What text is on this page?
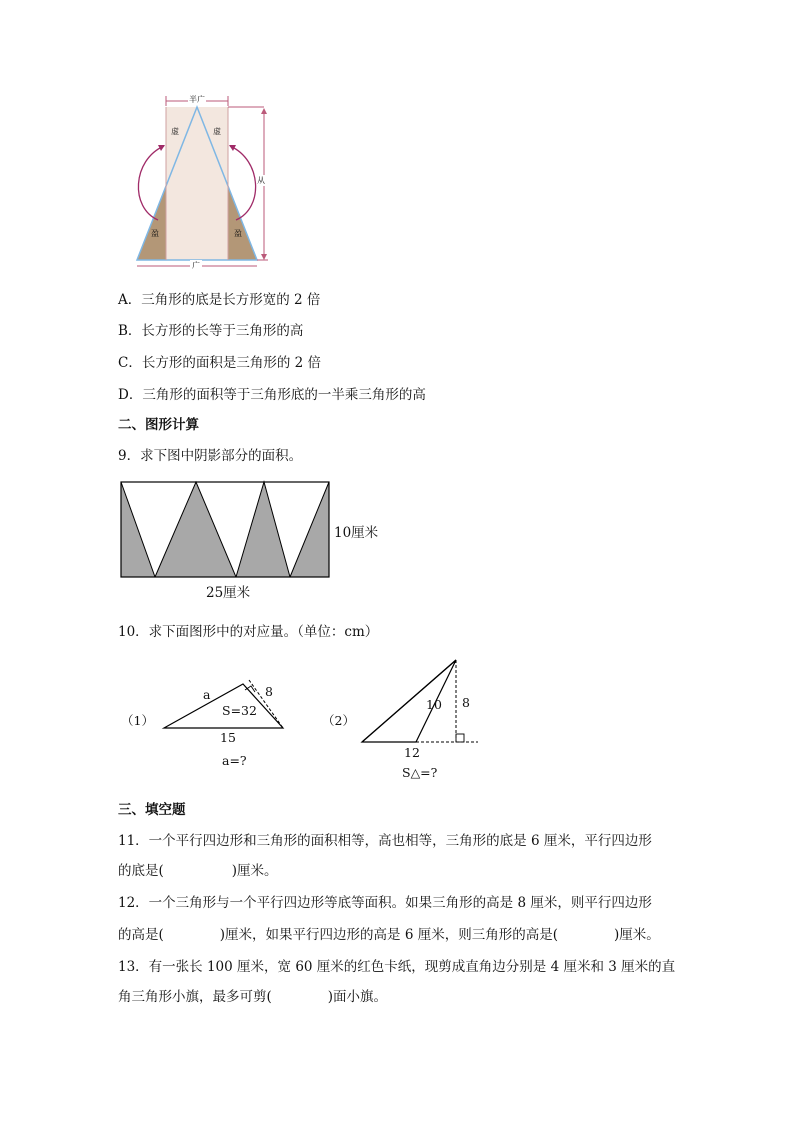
半广
虚	虚
从
盈	盈
广
A．三角形的底是长方形宽的 2 倍
B．长方形的长等于三角形的高
C．长方形的面积是三角形的 2 倍
D．三角形的面积等于三角形底的一半乘三角形的高
二、图形计算
9．求下图中阴影部分的面积。
10厘米
25厘米
10．求下面图形中的对应量。（单位：cm）
（1）
a	8
S=32
15
a=?
（2）
10 8
12
S△=?
三、填空题
11．一个平行四边形和三角形的面积相等，高也相等，三角形的底是 6 厘米，平行四边形
的底是(	)厘米。
12．一个三角形与一个平行四边形等底等面积。如果三角形的高是 8 厘米，则平行四边形
的高是(	)厘米，如果平行四边形的高是 6 厘米，则三角形的高是(	)厘米。
13．有一张长 100 厘米，宽 60 厘米的红色卡纸，现剪成直角边分别是 4 厘米和 3 厘米的直
角三角形小旗，最多可剪(	)面小旗。
